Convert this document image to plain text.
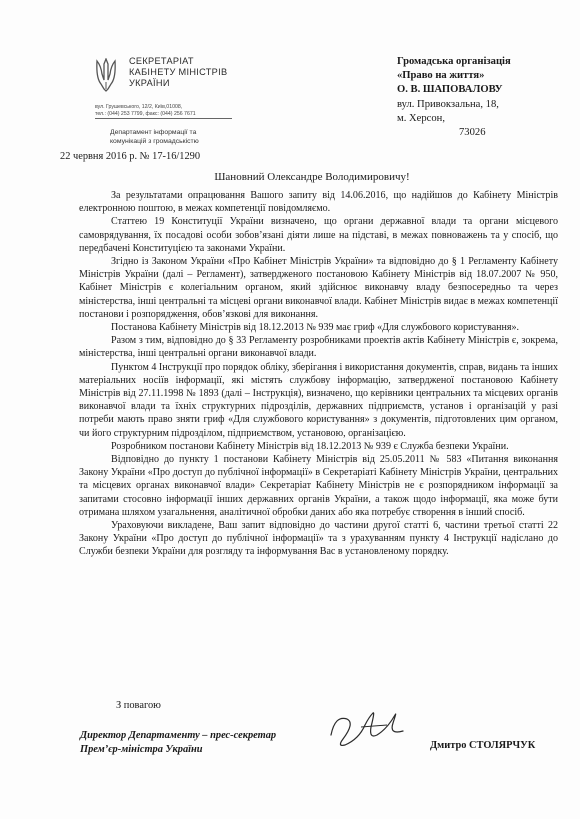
СЕКРЕТАРІАТ
КАБІНЕТУ МІНІСТРІВ
УКРАЇНИ
вул. Грушевського, 12/2, Київ,01008,
тел.: (044) 253 7799, факс: (044) 256 7671
Департамент інформації та
комунікацій з громадськістю
22 червня 2016 р. № 17-16/1290
Громадська організація
«Право на життя»
О. В. ШАПОВАЛОВУ
вул. Привокзальна, 18,
м. Херсон,
73026
Шановний Олександре Володимировичу!

За результатами опрацювання Вашого запиту від 14.06.2016, що надійшов до Кабінету Міністрів електронною поштою, в межах компетенції повідомляємо.

Статтею 19 Конституції України визначено, що органи державної влади та органи місцевого самоврядування, їх посадові особи зобов’язані діяти лише на підставі, в межах повноважень та у спосіб, що передбачені Конституцією та законами України.

Згідно із Законом України «Про Кабінет Міністрів України» та відповідно до § 1 Регламенту Кабінету Міністрів України (далі – Регламент), затвердженого постановою Кабінету Міністрів від 18.07.2007 № 950, Кабінет Міністрів є колегіальним органом, який здійснює виконавчу владу безпосередньо та через міністерства, інші центральні та місцеві органи виконавчої влади. Кабінет Міністрів видає в межах компетенції постанови і розпорядження, обов’язкові для виконання.

Постанова Кабінету Міністрів від 18.12.2013 № 939 має гриф «Для службового користування».

Разом з тим, відповідно до § 33 Регламенту розробниками проектів актів Кабінету Міністрів є, зокрема, міністерства, інші центральні органи виконавчої влади.

Пунктом 4 Інструкції про порядок обліку, зберігання і використання документів, справ, видань та інших матеріальних носіїв інформації, які містять службову інформацію, затвердженої постановою Кабінету Міністрів від 27.11.1998 № 1893 (далі – Інструкція), визначено, що керівники центральних та місцевих органів виконавчої влади та їхніх структурних підрозділів, державних підприємств, установ і організацій у разі потреби мають право зняти гриф «Для службового користування» з документів, підготовлених цим органом, чи його структурним підрозділом, підприємством, установою, організацією.

Розробником постанови Кабінету Міністрів від 18.12.2013 № 939 є Служба безпеки України.

Відповідно до пункту 1 постанови Кабінету Міністрів від 25.05.2011 № 583 «Питання виконання Закону України «Про доступ до публічної інформації» в Секретаріаті Кабінету Міністрів України, центральних та місцевих органах виконавчої влади» Секретаріат Кабінету Міністрів не є розпорядником інформації за запитами стосовно інформації інших державних органів України, а також щодо інформації, яка може бути отримана шляхом узагальнення, аналітичної обробки даних або яка потребує створення в інший спосіб.

Ураховуючи викладене, Ваш запит відповідно до частини другої статті 6, частини третьої статті 22 Закону України «Про доступ до публічної інформації» та з урахуванням пункту 4 Інструкції надіслано до Служби безпеки України для розгляду та інформування Вас в установленому порядку.

З повагою
Директор Департаменту – прес-секретар
Прем’єр-міністра України	Дмитро СТОЛЯРЧУК
